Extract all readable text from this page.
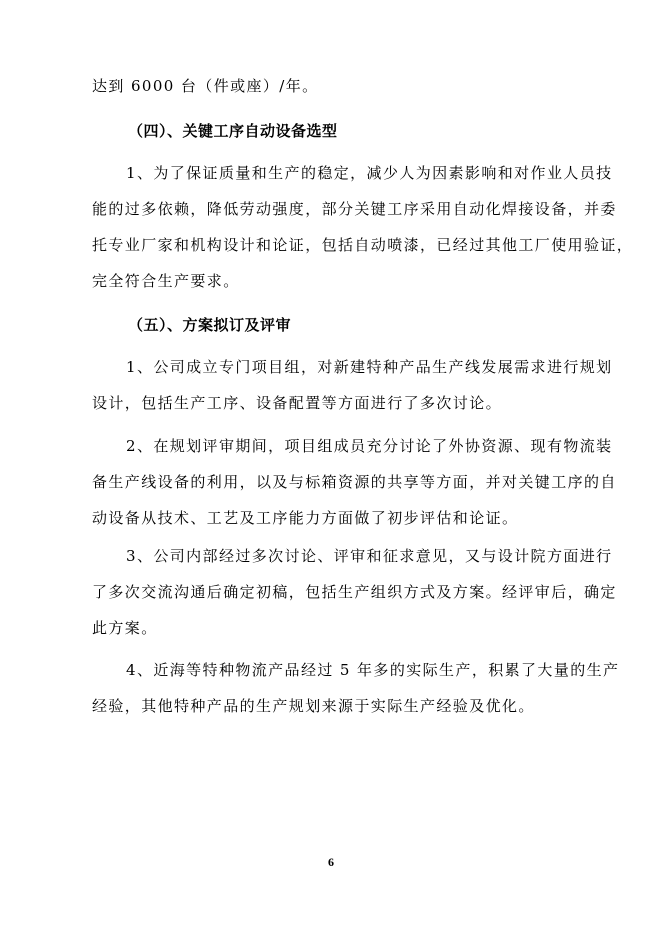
达到 6000 台（件或座）/年。
（四）、关键工序自动设备选型
1、为了保证质量和生产的稳定，减少人为因素影响和对作业人员技
能的过多依赖，降低劳动强度，部分关键工序采用自动化焊接设备，并委
托专业厂家和机构设计和论证，包括自动喷漆，已经过其他工厂使用验证，
完全符合生产要求。
（五）、方案拟订及评审
1、公司成立专门项目组，对新建特种产品生产线发展需求进行规划
设计，包括生产工序、设备配置等方面进行了多次讨论。
2、在规划评审期间，项目组成员充分讨论了外协资源、现有物流装
备生产线设备的利用，以及与标箱资源的共享等方面，并对关键工序的自
动设备从技术、工艺及工序能力方面做了初步评估和论证。
3、公司内部经过多次讨论、评审和征求意见，又与设计院方面进行
了多次交流沟通后确定初稿，包括生产组织方式及方案。经评审后，确定
此方案。
4、近海等特种物流产品经过 5 年多的实际生产，积累了大量的生产
经验，其他特种产品的生产规划来源于实际生产经验及优化。
6
